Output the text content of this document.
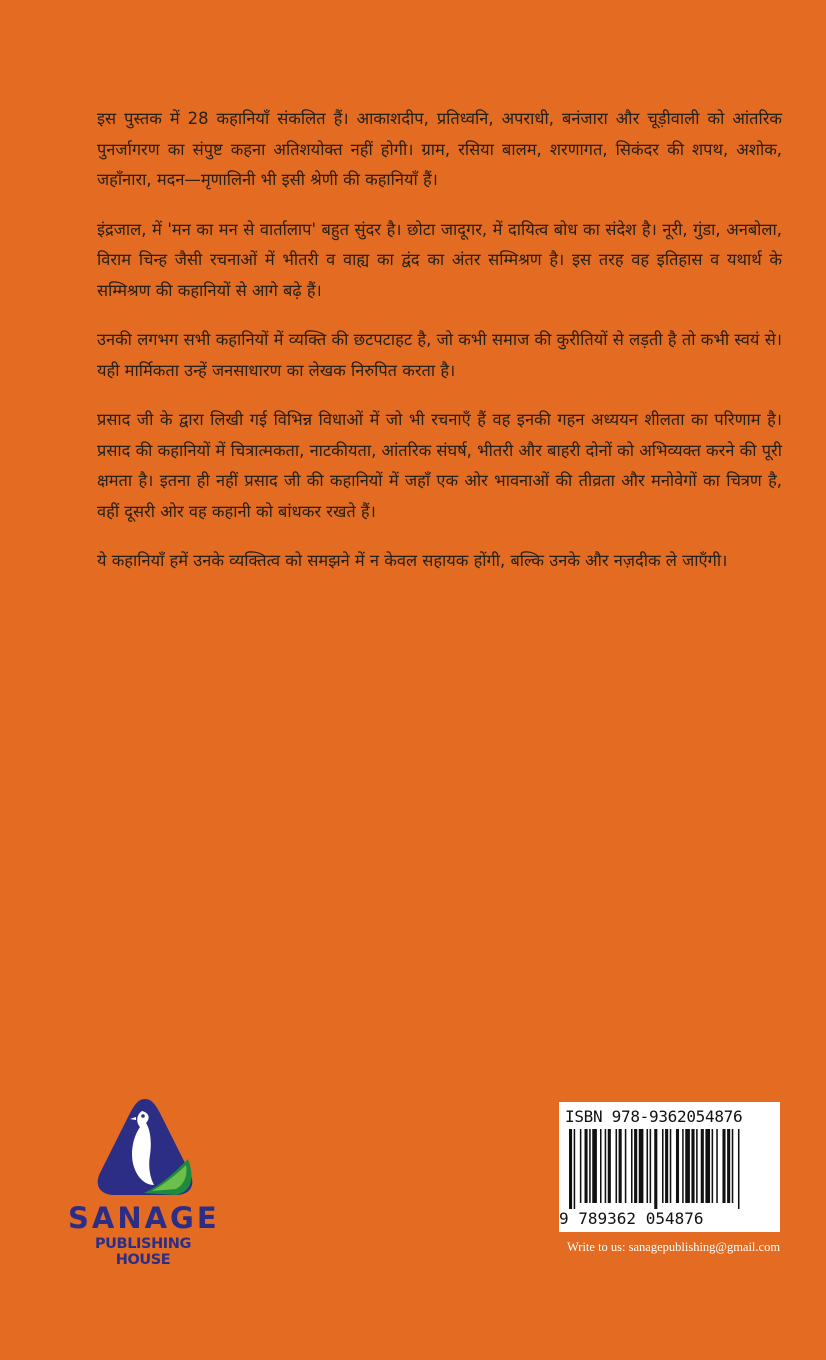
इस पुस्तक में 28 कहानियाँ संकलित हैं। आकाशदीप, प्रतिध्वनि, अपराधी, बनंजारा और चूड़ीवाली को आंतरिक पुनर्जागरण का संपुष्ट कहना अतिशयोक्त नहीं होगी। ग्राम, रसिया बालम, शरणागत, सिकंदर की शपथ, अशोक, जहाँनारा, मदन—मृणालिनी भी इसी श्रेणी की कहानियाँ हैं।

इंद्रजाल, में 'मन का मन से वार्तालाप' बहुत सुंदर है। छोटा जादूगर, में दायित्व बोध का संदेश है। नूरी, गुंडा, अनबोला, विराम चिन्ह जैसी रचनाओं में भीतरी व वाह्य का द्वंद का अंतर सम्मिश्रण है। इस तरह वह इतिहास व यथार्थ के सम्मिश्रण की कहानियों से आगे बढ़े हैं।

उनकी लगभग सभी कहानियों में व्यक्ति की छटपटाहट है, जो कभी समाज की कुरीतियों से लड़ती है तो कभी स्वयं से। यही मार्मिकता उन्हें जनसाधारण का लेखक निरुपित करता है।

प्रसाद जी के द्वारा लिखी गई विभिन्न विधाओं में जो भी रचनाएँ हैं वह इनकी गहन अध्ययन शीलता का परिणाम है। प्रसाद की कहानियों में चित्रात्मकता, नाटकीयता, आंतरिक संघर्ष, भीतरी और बाहरी दोनों को अभिव्यक्त करने की पूरी क्षमता है। इतना ही नहीं प्रसाद जी की कहानियों में जहाँ एक ओर भावनाओं की तीव्रता और मनोवेगों का चित्रण है, वहीं दूसरी ओर वह कहानी को बांधकर रखते हैं।

ये कहानियाँ हमें उनके व्यक्तित्व को समझने में न केवल सहायक होंगी, बल्कि उनके और नज़दीक ले जाएँगी।

SANAGE
PUBLISHING HOUSE
ISBN 978-9362054876
9 789362 054876
Write to us: sanagepublishing@gmail.com
